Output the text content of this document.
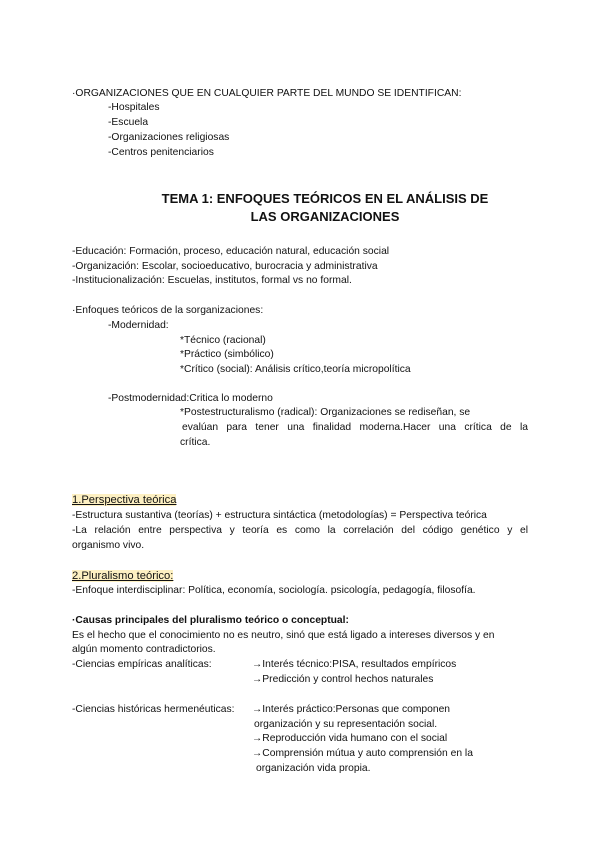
·ORGANIZACIONES QUE EN CUALQUIER PARTE DEL MUNDO SE IDENTIFICAN:
-Hospitales
-Escuela
-Organizaciones religiosas
-Centros penitenciarios
TEMA 1: ENFOQUES TEÓRICOS EN EL ANÁLISIS DE
LAS ORGANIZACIONES
-Educación: Formación, proceso, educación natural, educación social
-Organización: Escolar, socioeducativo, burocracia y administrativa
-Institucionalización: Escuelas, institutos, formal vs no formal.
·Enfoques teóricos de la sorganizaciones:
-Modernidad:
*Técnico (racional)
*Práctico (simbólico)
*Crítico (social): Análisis crítico,teoría micropolítica
-Postmodernidad:Critica lo moderno
*Postestructuralismo (radical): Organizaciones se rediseñan, se
evalúan para tener una finalidad moderna.Hacer una crítica de la
crítica.
1.Perspectiva teórica
-Estructura sustantiva (teorías) + estructura sintáctica (metodologías) = Perspectiva teórica
-La relación entre perspectiva y teoría es como la correlación del código genético y el
organismo vivo.
2.Pluralismo teórico:
-Enfoque interdisciplinar: Política, economía, sociología. psicología, pedagogía, filosofía.
·Causas principales del pluralismo teórico o conceptual:
Es el hecho que el conocimiento no es neutro, sinó que está ligado a intereses diversos y en
algún momento contradictorios.
-Ciencias empíricas analíticas:	→Interés técnico:PISA, resultados empíricos
→Predicción y control hechos naturales
-Ciencias históricas hermenéuticas: →Interés práctico:Personas que componen
organización y su representación social.
→Reproducción vida humano con el social
→Comprensión mútua y auto comprensión en la
organización vida propia.
